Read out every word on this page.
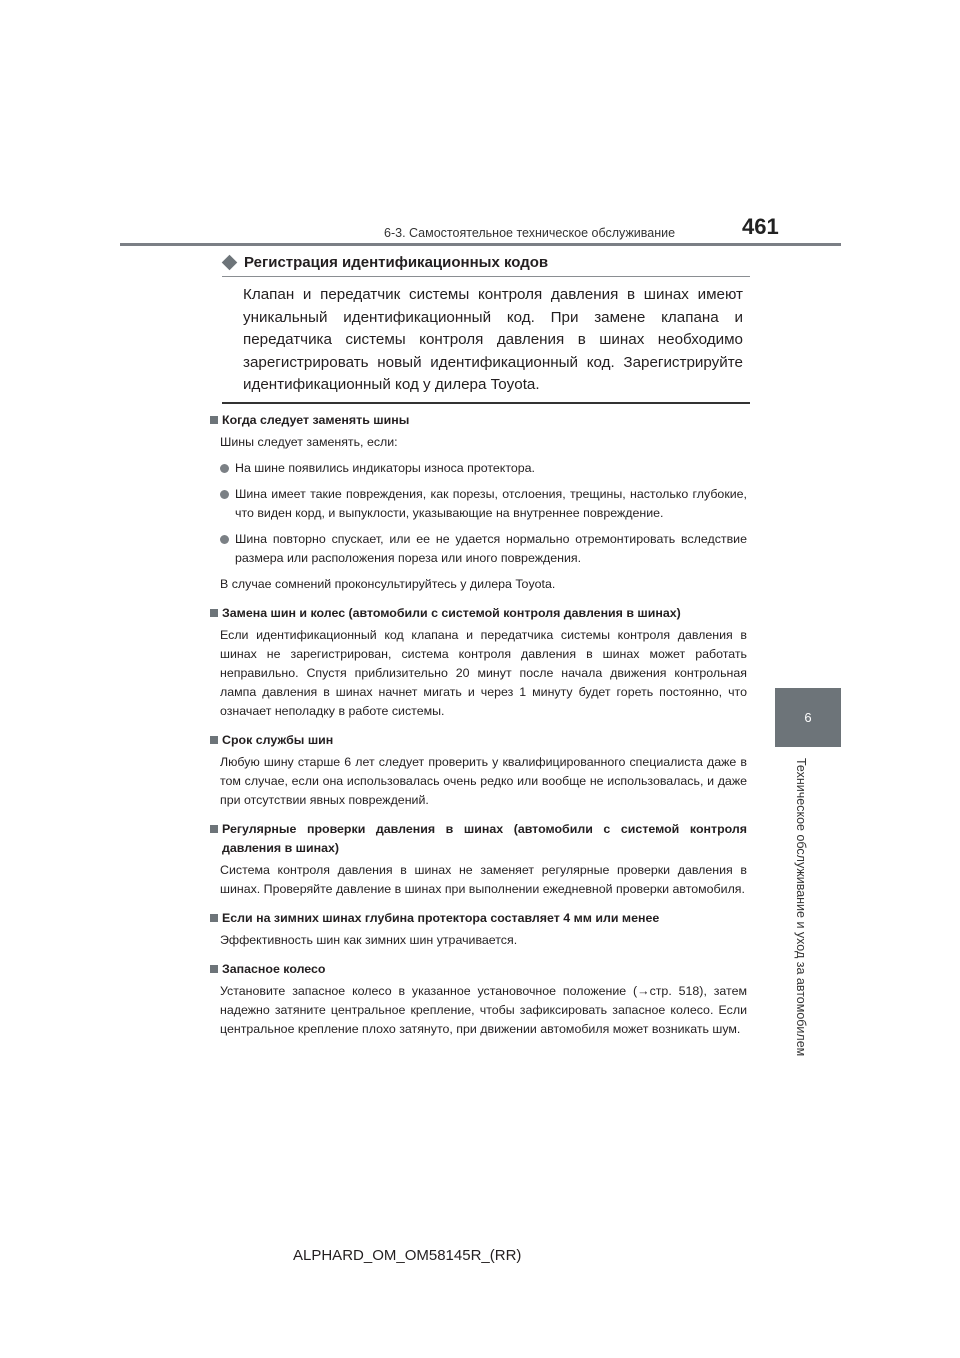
6-3. Самостоятельное техническое обслуживание	461
6
Техническое обслуживание и уход за автомобилем
Регистрация идентификационных кодов
Клапан и передатчик системы контроля давления в шинах имеют уникальный идентификационный код. При замене клапана и передатчика системы контроля давления в шинах необходимо зарегистрировать новый идентификационный код. Зарегистрируйте идентификационный код у дилера Toyota.
Когда следует заменять шины

Шины следует заменять, если:

На шине появились индикаторы износа протектора.
Шина имеет такие повреждения, как порезы, отслоения, трещины, настолько глубокие, что виден корд, и выпуклости, указывающие на внутреннее повреждение.
Шина повторно спускает, или ее не удается нормально отремонтировать вследствие размера или расположения пореза или иного повреждения.

В случае сомнений проконсультируйтесь у дилера Toyota.

Замена шин и колес (автомобили с системой контроля давления в шинах)

Если идентификационный код клапана и передатчика системы контроля давления в шинах не зарегистрирован, система контроля давления в шинах может работать неправильно. Спустя приблизительно 20 минут после начала движения контрольная лампа давления в шинах начнет мигать и через 1 минуту будет гореть постоянно, что означает неполадку в работе системы.

Срок службы шин

Любую шину старше 6 лет следует проверить у квалифицированного специалиста даже в том случае, если она использовалась очень редко или вообще не использовалась, и даже при отсутствии явных повреждений.

Регулярные проверки давления в шинах (автомобили с системой контроля давления в шинах)

Система контроля давления в шинах не заменяет регулярные проверки давления в шинах. Проверяйте давление в шинах при выполнении ежедневной проверки автомобиля.

Если на зимних шинах глубина протектора составляет 4 мм или менее

Эффективность шин как зимних шин утрачивается.

Запасное колесо

Установите запасное колесо в указанное установочное положение (→стр. 518), затем надежно затяните центральное крепление, чтобы зафиксировать запасное колесо. Если центральное крепление плохо затянуто, при движении автомобиля может возникать шум.

ALPHARD_OM_OM58145R_(RR)
